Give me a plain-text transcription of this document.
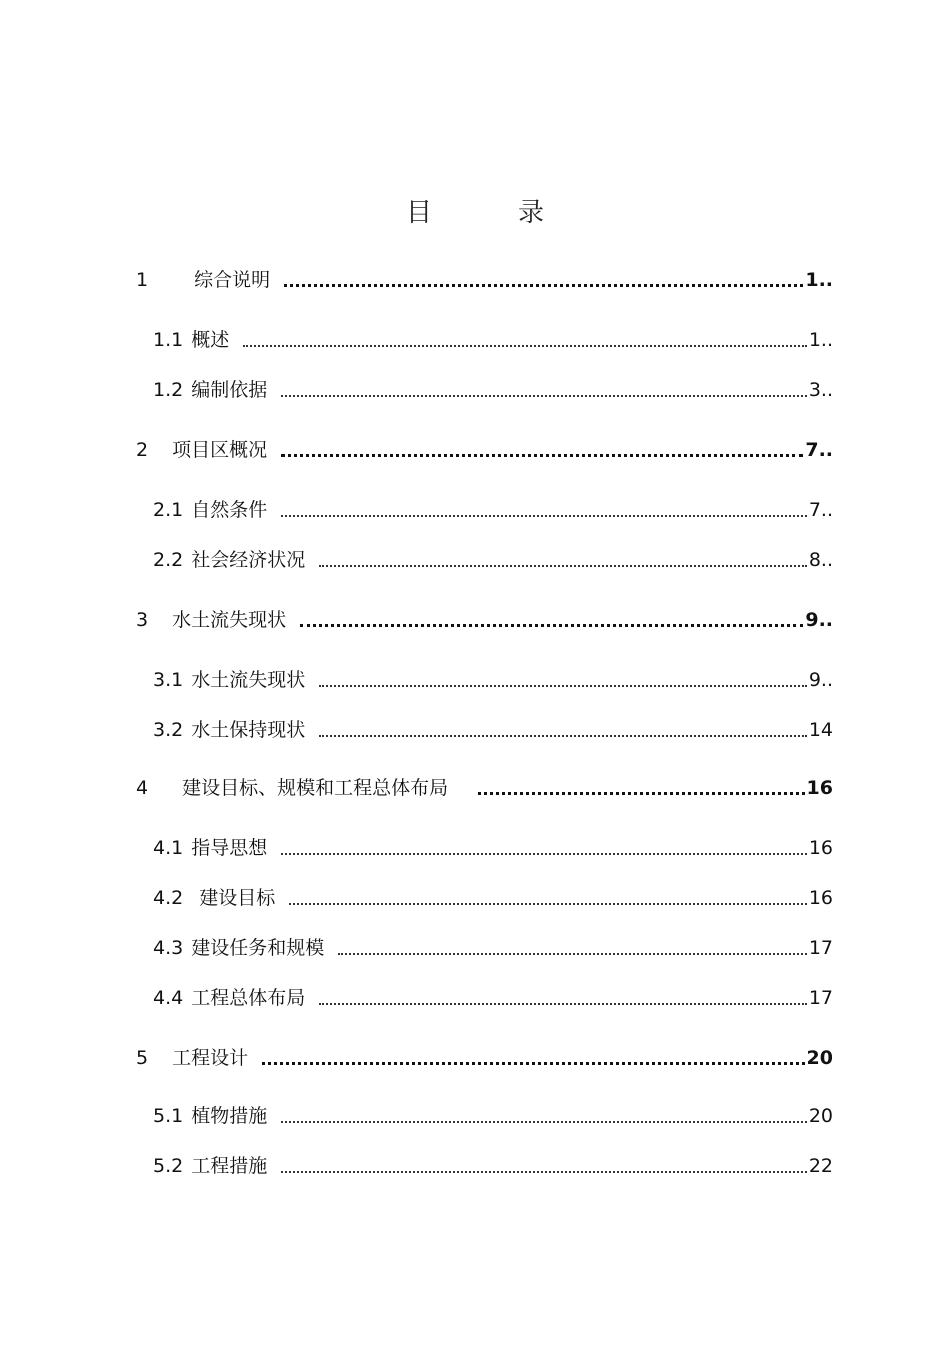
目　录
1 综合说明	1..
1.1 概述	1..
1.2 编制依据	3..
2 项目区概况	7..
2.1 自然条件	7..
2.2 社会经济状况	8..
3 水土流失现状	9..
3.1 水土流失现状	9..
3.2 水土保持现状	14
4 建设目标、规模和工程总体布局	16
4.1 指导思想	16
4.2 建设目标	16
4.3 建设任务和规模	17
4.4 工程总体布局	17
5 工程设计	20
5.1 植物措施	20
5.2 工程措施	22
